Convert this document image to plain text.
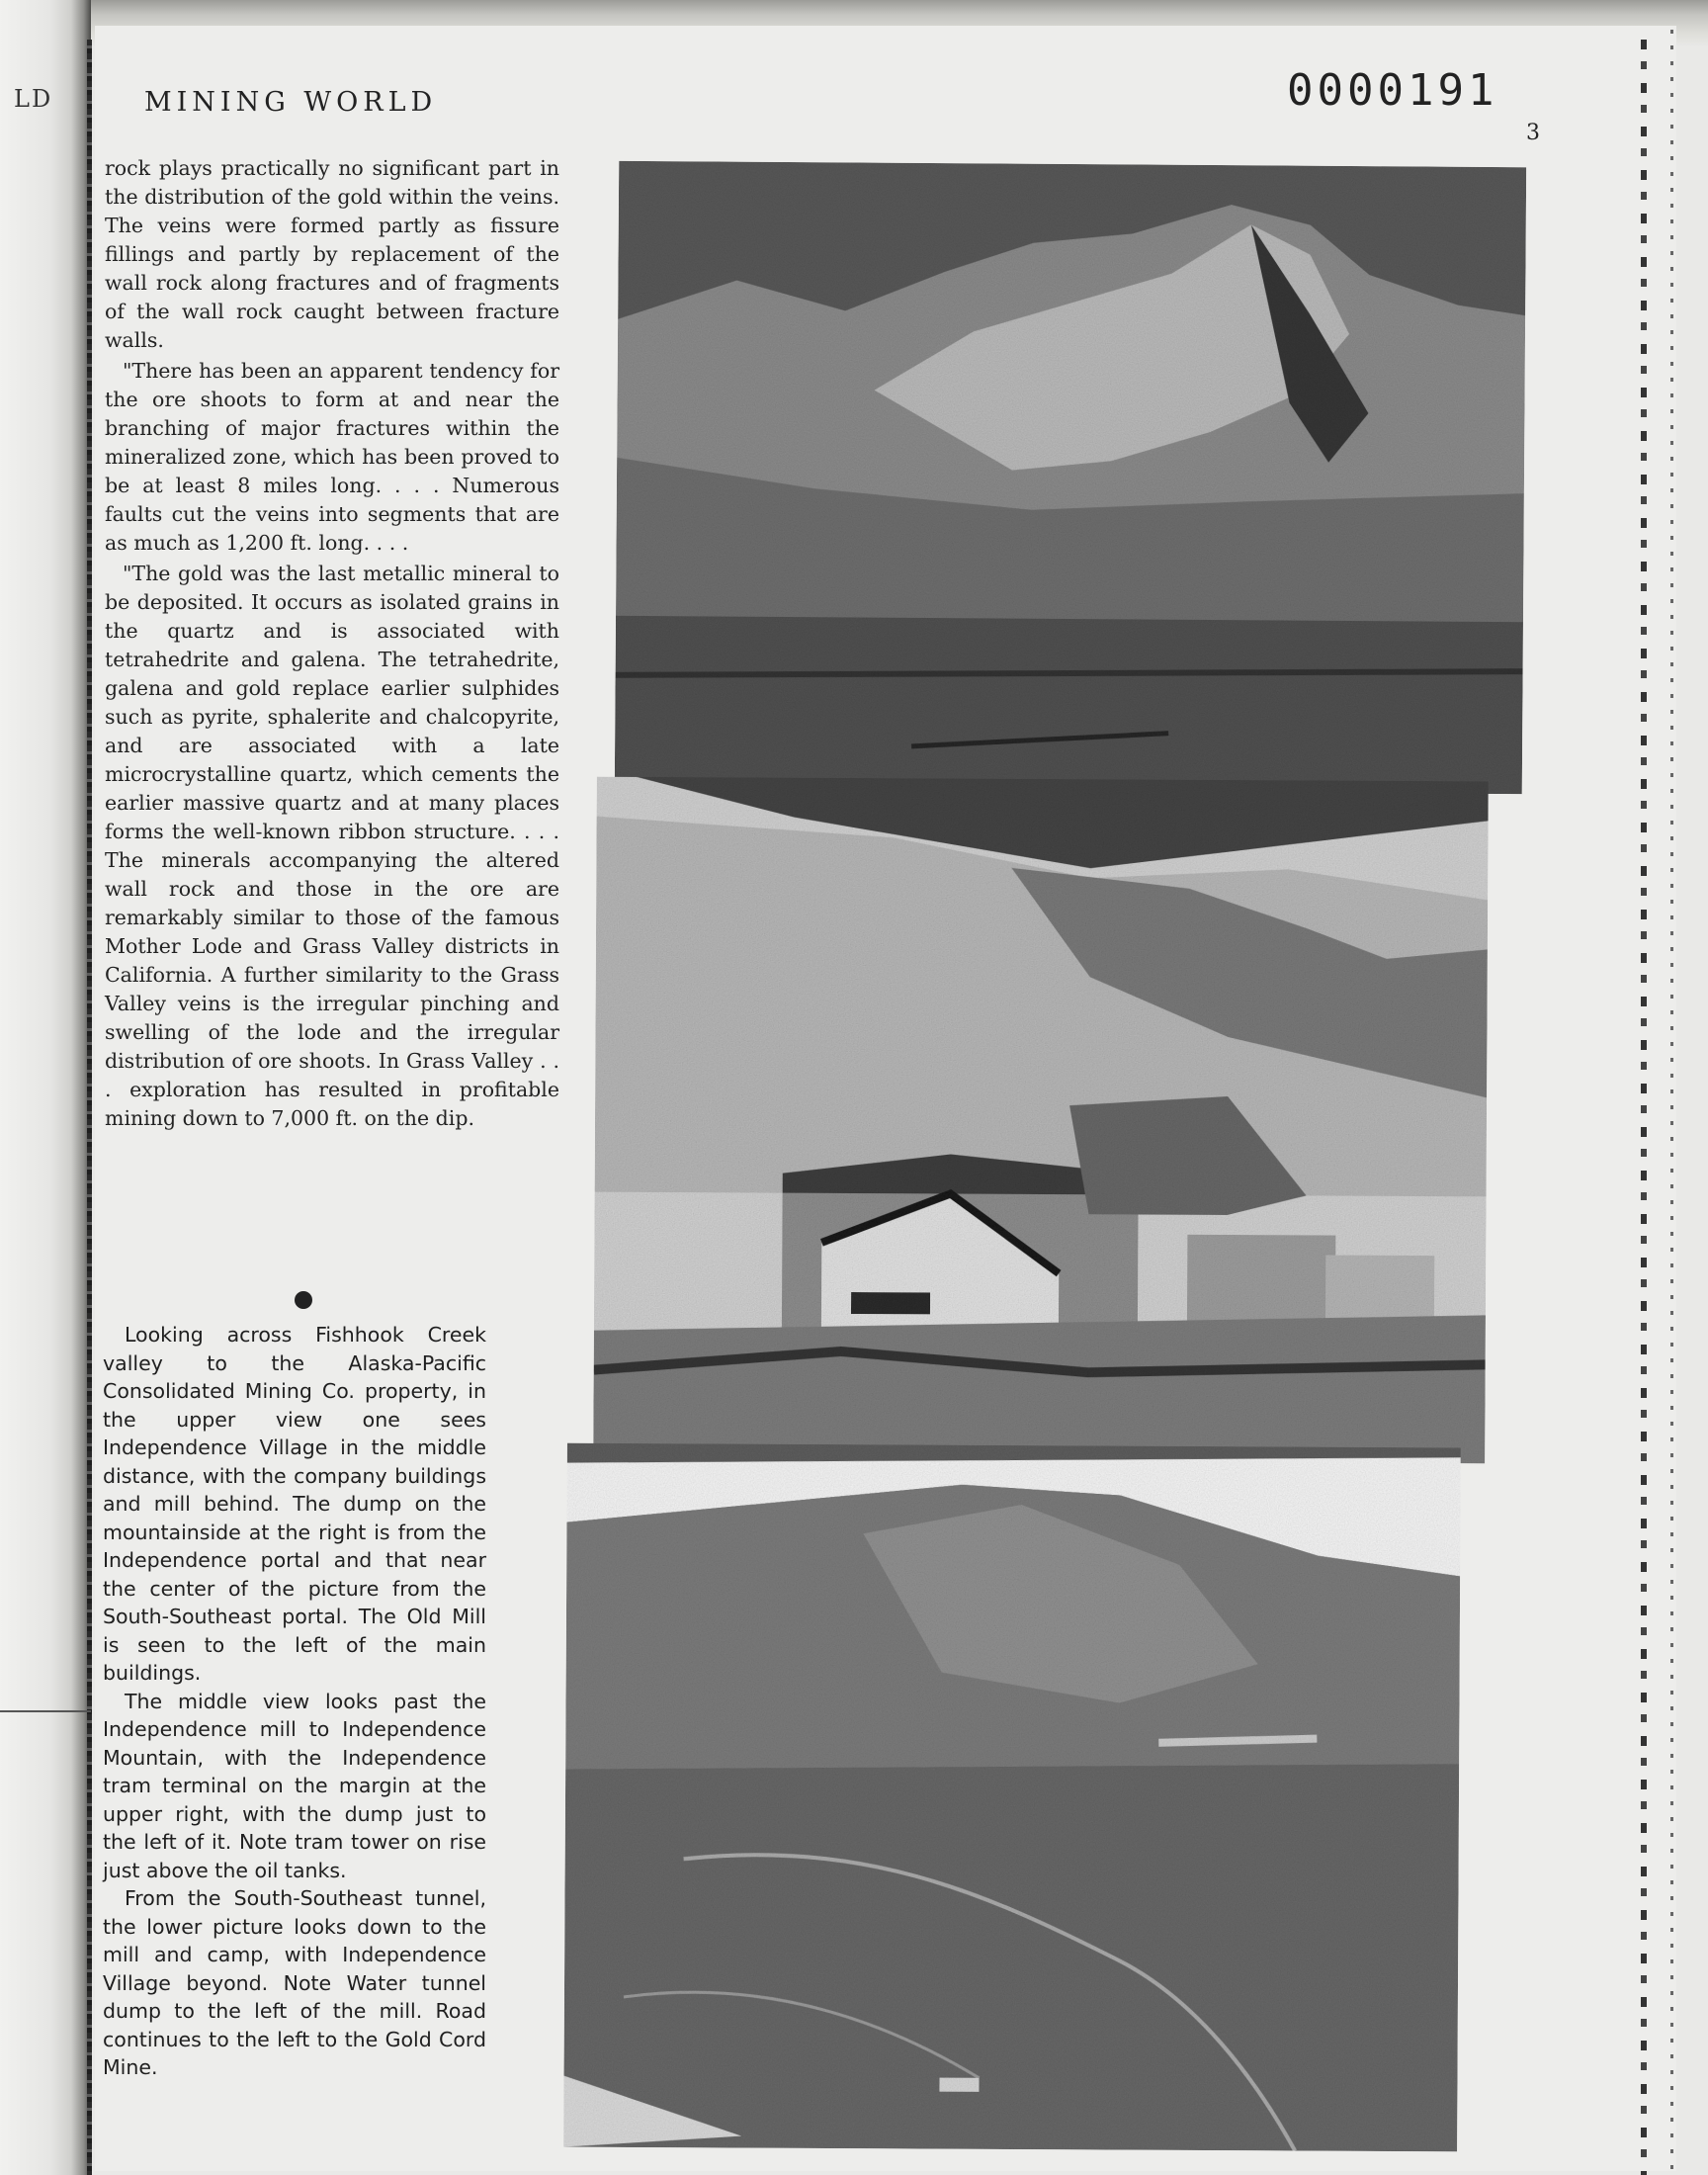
LD	MINING WORLD	0000191
3

rock plays practically no significant part in the distribution of the gold within the veins. The veins were formed partly as fissure fillings and partly by replacement of the wall rock along fractures and of fragments of the wall rock caught between fracture walls.

"There has been an apparent tendency for the ore shoots to form at and near the branching of major fractures within the mineralized zone, which has been proved to be at least 8 miles long. . . . Numerous faults cut the veins into segments that are as much as 1,200 ft. long. . . .

"The gold was the last metallic mineral to be deposited. It occurs as isolated grains in the quartz and is associated with tetrahedrite and galena. The tetrahedrite, galena and gold replace earlier sulphides such as pyrite, sphalerite and chalcopyrite, and are associated with a late microcrystalline quartz, which cements the earlier massive quartz and at many places forms the well-known ribbon structure. . . . The minerals accompanying the altered wall rock and those in the ore are remarkably similar to those of the famous Mother Lode and Grass Valley districts in California. A further similarity to the Grass Valley veins is the irregular pinching and swelling of the lode and the irregular distribution of ore shoots. In Grass Valley . . . exploration has resulted in profitable mining down to 7,000 ft. on the dip.

Looking across Fishhook Creek valley to the Alaska-Pacific Consolidated Mining Co. property, in the upper view one sees Independence Village in the middle distance, with the company buildings and mill behind. The dump on the mountainside at the right is from the Independence portal and that near the center of the picture from the South-Southeast portal. The Old Mill is seen to the left of the main buildings.

The middle view looks past the Independence mill to Independence Mountain, with the Independence tram terminal on the margin at the upper right, with the dump just to the left of it. Note tram tower on rise just above the oil tanks.

From the South-Southeast tunnel, the lower picture looks down to the mill and camp, with Independence Village beyond. Note Water tunnel dump to the left of the mill. Road continues to the left to the Gold Cord Mine.
